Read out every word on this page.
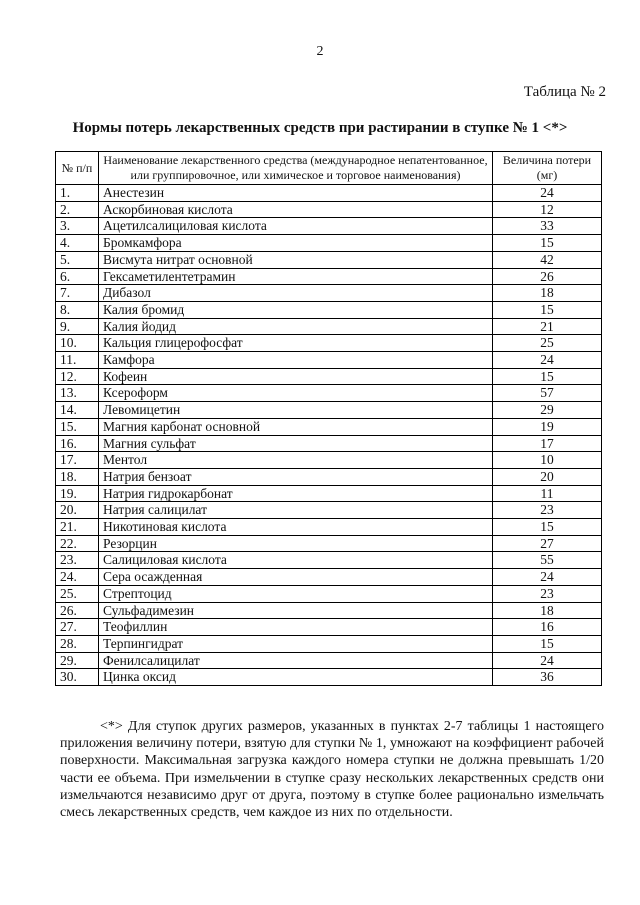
2
Таблица № 2
Нормы потерь лекарственных средств при растирании в ступке № 1 <*>
№ п/п	Наименование лекарственного средства (международное непатентованное, или группировочное, или химическое и торговое наименования)	Величина потери (мг)
1.	Анестезин	24
2.	Аскорбиновая кислота	12
3.	Ацетилсалициловая кислота	33
4.	Бромкамфора	15
5.	Висмута нитрат основной	42
6.	Гексаметилентетрамин	26
7.	Дибазол	18
8.	Калия бромид	15
9.	Калия йодид	21
10.	Кальция глицерофосфат	25
11.	Камфора	24
12.	Кофеин	15
13.	Ксероформ	57
14.	Левомицетин	29
15.	Магния карбонат основной	19
16.	Магния сульфат	17
17.	Ментол	10
18.	Натрия бензоат	20
19.	Натрия гидрокарбонат	11
20.	Натрия салицилат	23
21.	Никотиновая кислота	15
22.	Резорцин	27
23.	Салициловая кислота	55
24.	Сера осажденная	24
25.	Стрептоцид	23
26.	Сульфадимезин	18
27.	Теофиллин	16
28.	Терпингидрат	15
29.	Фенилсалицилат	24
30.	Цинка оксид	36

<*> Для ступок других размеров, указанных в пунктах 2-7 таблицы 1 настоящего приложения величину потери, взятую для ступки № 1, умножают на коэффициент рабочей поверхности. Максимальная загрузка каждого номера ступки не должна превышать 1/20 части ее объема. При измельчении в ступке сразу нескольких лекарственных средств они измельчаются независимо друг от друга, поэтому в ступке более рационально измельчать смесь лекарственных средств, чем каждое из них по отдельности.
